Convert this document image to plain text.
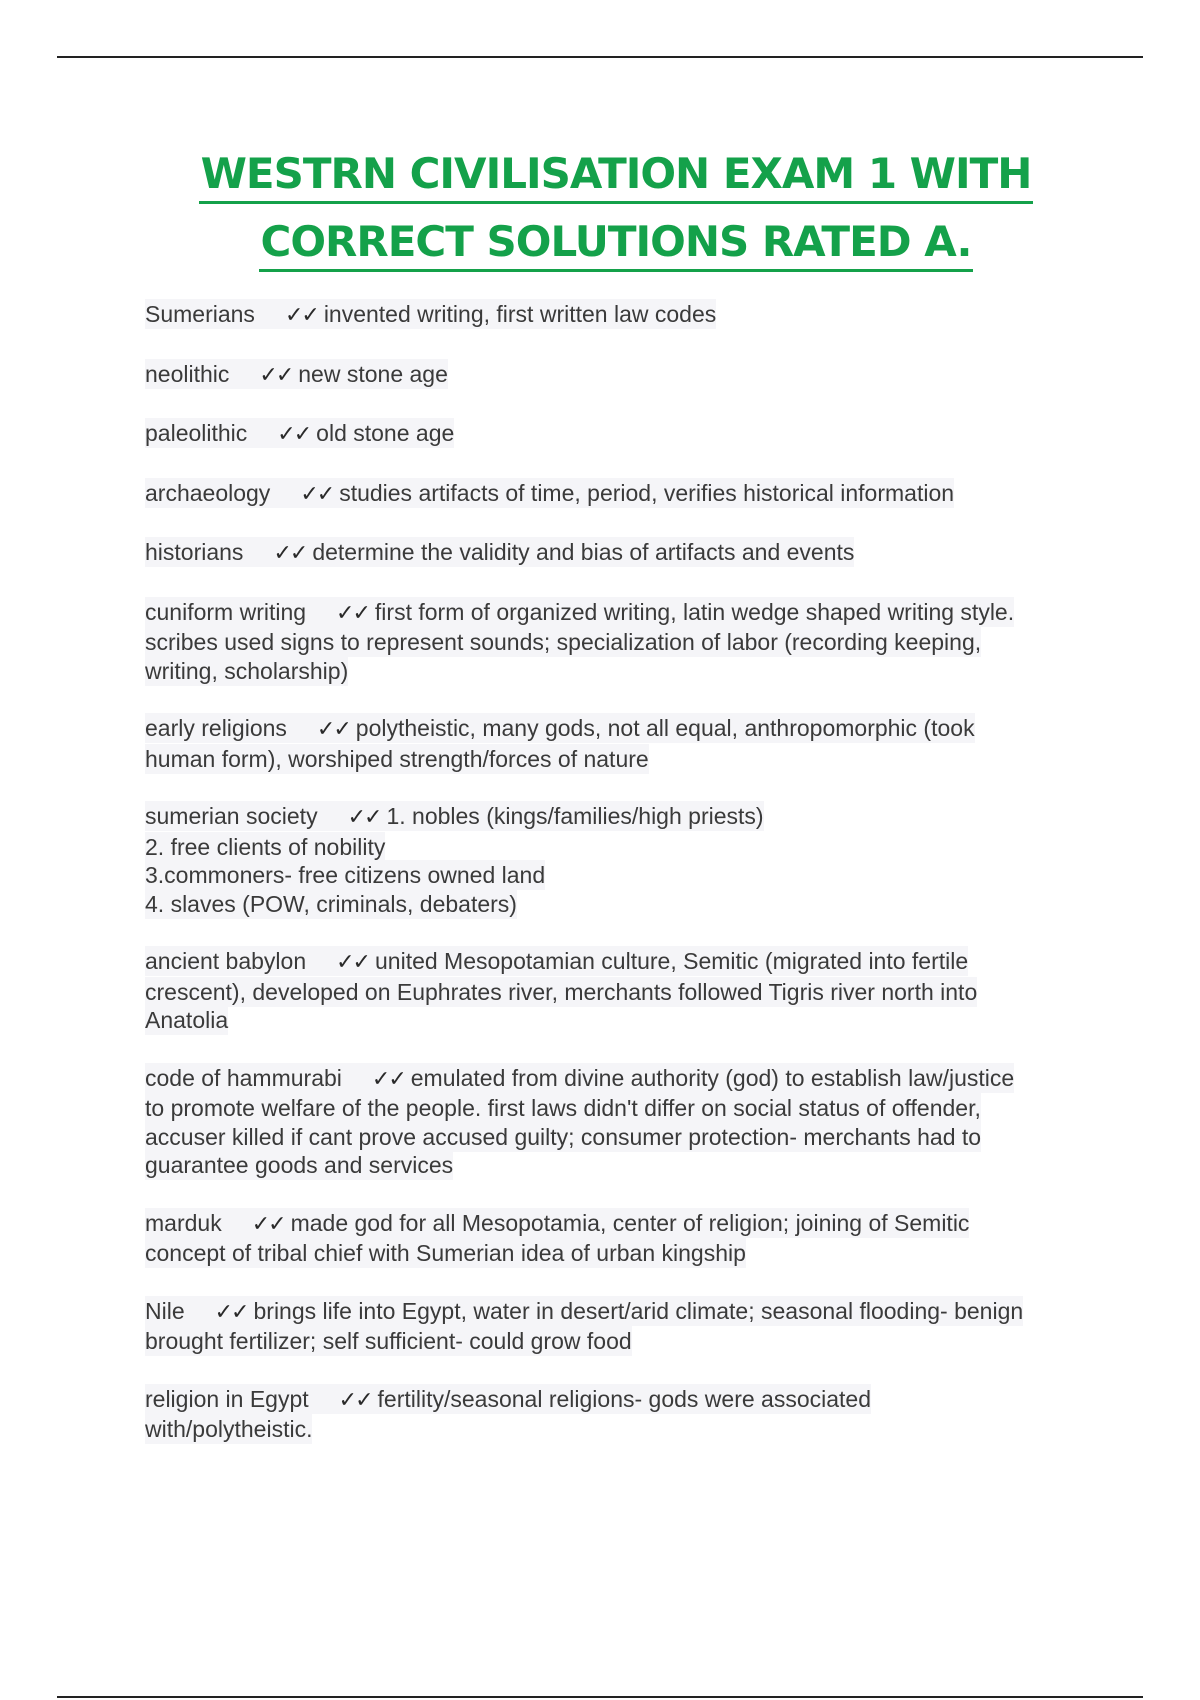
WESTRN CIVILISATION EXAM 1 WITH
CORRECT SOLUTIONS RATED A.
Sumerians ✓✓ invented writing, first written law codes
neolithic ✓✓ new stone age
paleolithic ✓✓ old stone age
archaeology ✓✓ studies artifacts of time, period, verifies historical information
historians ✓✓ determine the validity and bias of artifacts and events
cuniform writing ✓✓ first form of organized writing, latin wedge shaped writing style.
scribes used signs to represent sounds; specialization of labor (recording keeping,
writing, scholarship)
early religions ✓✓ polytheistic, many gods, not all equal, anthropomorphic (took
human form), worshiped strength/forces of nature
sumerian society ✓✓ 1. nobles (kings/families/high priests)
2. free clients of nobility
3.commoners- free citizens owned land
4. slaves (POW, criminals, debaters)
ancient babylon ✓✓ united Mesopotamian culture, Semitic (migrated into fertile
crescent), developed on Euphrates river, merchants followed Tigris river north into
Anatolia
code of hammurabi ✓✓ emulated from divine authority (god) to establish law/justice
to promote welfare of the people. first laws didn't differ on social status of offender,
accuser killed if cant prove accused guilty; consumer protection- merchants had to
guarantee goods and services
marduk ✓✓ made god for all Mesopotamia, center of religion; joining of Semitic
concept of tribal chief with Sumerian idea of urban kingship
Nile ✓✓ brings life into Egypt, water in desert/arid climate; seasonal flooding- benign
brought fertilizer; self sufficient- could grow food
religion in Egypt ✓✓ fertility/seasonal religions- gods were associated
with/polytheistic.
